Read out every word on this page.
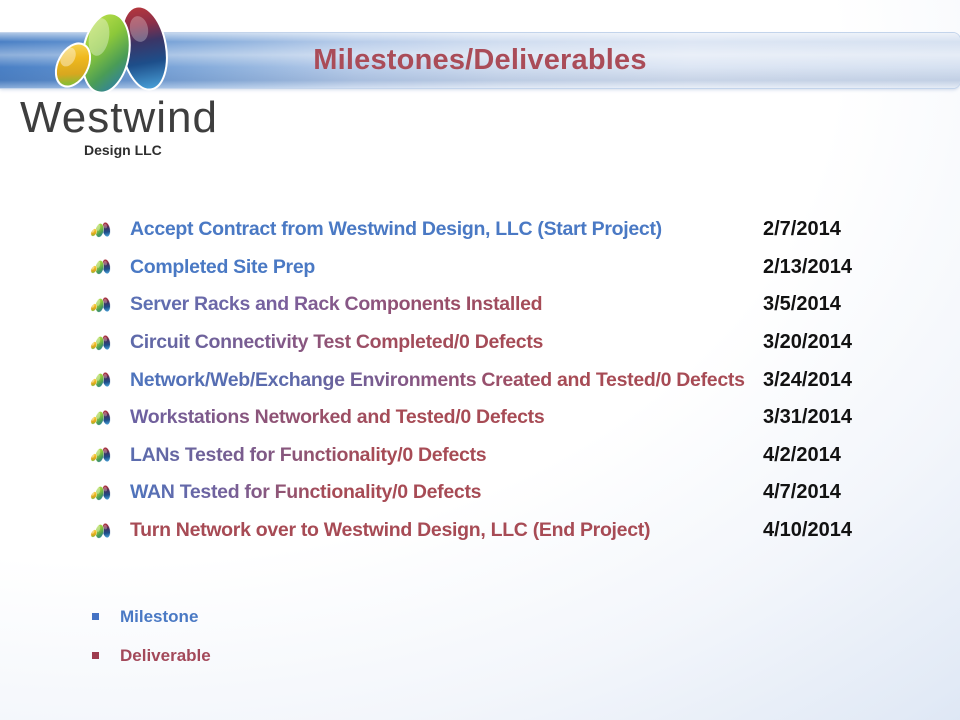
Milestones/Deliverables
Westwind
Design LLC
Accept Contract from Westwind Design, LLC (Start Project)	2/7/2014
Completed Site Prep	2/13/2014
Server Racks and Rack Components Installed	3/5/2014
Circuit Connectivity Test Completed/0 Defects	3/20/2014
Network/Web/Exchange Environments Created and Tested/0 Defects 3/24/2014
Workstations Networked and Tested/0 Defects	3/31/2014
LANs Tested for Functionality/0 Defects	4/2/2014
WAN Tested for Functionality/0 Defects	4/7/2014
Turn Network over to Westwind Design, LLC (End Project)	4/10/2014
Milestone
Deliverable
